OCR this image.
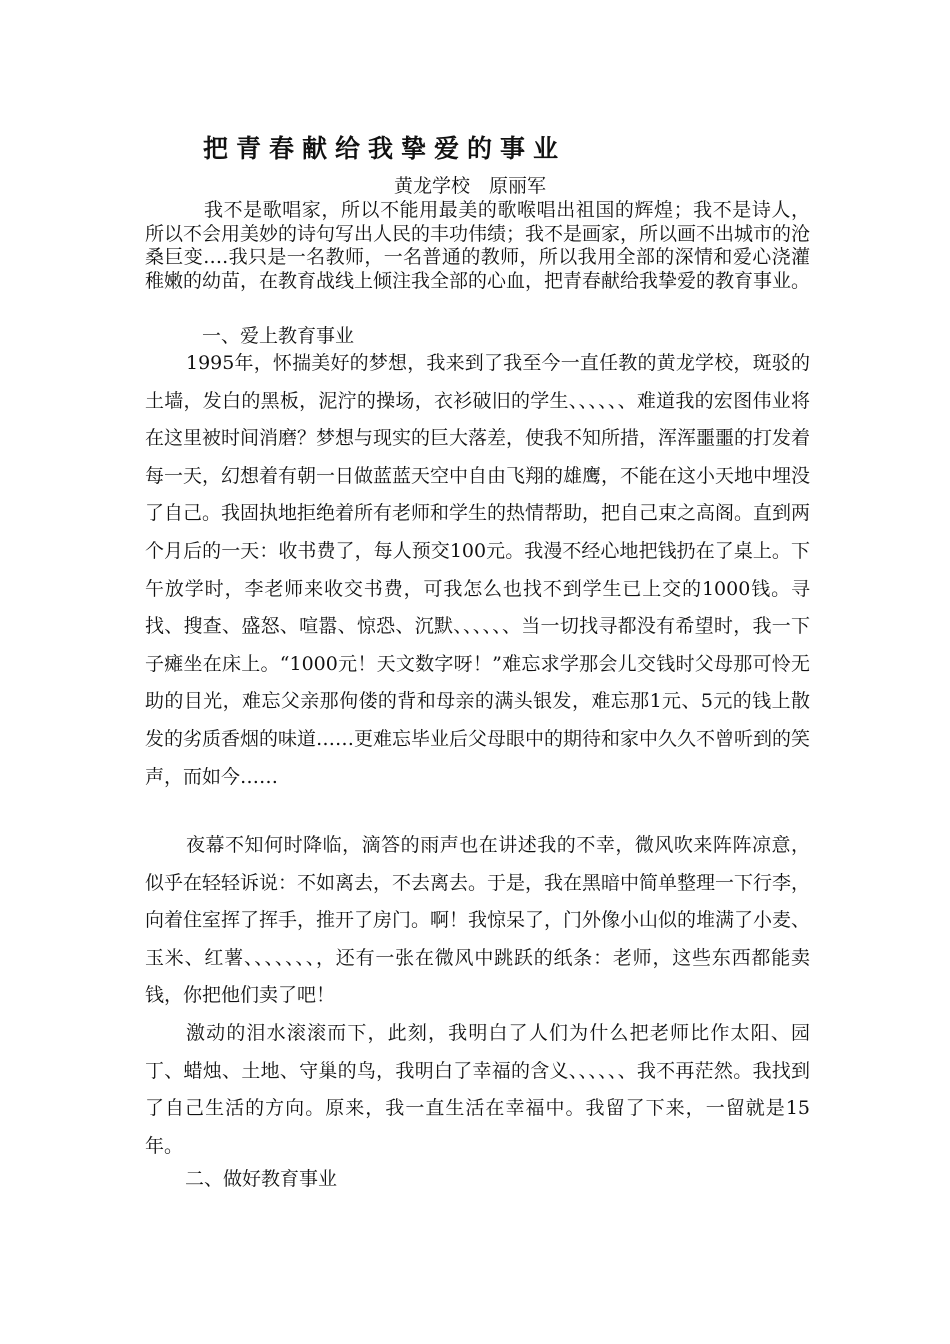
把青春献给我挚爱的事业
黄龙学校　原丽军

我不是歌唱家，所以不能用最美的歌喉唱出祖国的辉煌；我不是诗人，所以不会用美妙的诗句写出人民的丰功伟绩；我不是画家，所以画不出城市的沧桑巨变….我只是一名教师，一名普通的教师，所以我用全部的深情和爱心浇灌稚嫩的幼苗，在教育战线上倾注我全部的心血，把青春献给我挚爱的教育事业。

一、爱上教育事业

1995年，怀揣美好的梦想，我来到了我至今一直任教的黄龙学校，斑驳的土墙，发白的黑板，泥泞的操场，衣衫破旧的学生、、、、、、难道我的宏图伟业将在这里被时间消磨？梦想与现实的巨大落差，使我不知所措，浑浑噩噩的打发着每一天，幻想着有朝一日做蓝蓝天空中自由飞翔的雄鹰，不能在这小天地中埋没了自己。我固执地拒绝着所有老师和学生的热情帮助，把自己束之高阁。直到两个月后的一天：收书费了，每人预交100元。我漫不经心地把钱扔在了桌上。下午放学时，李老师来收交书费，可我怎么也找不到学生已上交的1000钱。寻找、搜查、盛怒、喧嚣、惊恐、沉默、、、、、、当一切找寻都没有希望时，我一下子瘫坐在床上。“1000元！天文数字呀！”难忘求学那会儿交钱时父母那可怜无助的目光，难忘父亲那佝偻的背和母亲的满头银发，难忘那1元、5元的钱上散发的劣质香烟的味道……更难忘毕业后父母眼中的期待和家中久久不曾听到的笑声，而如今……

夜幕不知何时降临，滴答的雨声也在讲述我的不幸，微风吹来阵阵凉意，似乎在轻轻诉说：不如离去，不去离去。于是，我在黑暗中简单整理一下行李，向着住室挥了挥手，推开了房门。啊！我惊呆了，门外像小山似的堆满了小麦、玉米、红薯、、、、、、、，还有一张在微风中跳跃的纸条：老师，这些东西都能卖钱，你把他们卖了吧！

激动的泪水滚滚而下，此刻，我明白了人们为什么把老师比作太阳、园丁、蜡烛、土地、守巢的鸟，我明白了幸福的含义、、、、、、我不再茫然。我找到了自己生活的方向。原来，我一直生活在幸福中。我留了下来，一留就是15年。

二、做好教育事业
